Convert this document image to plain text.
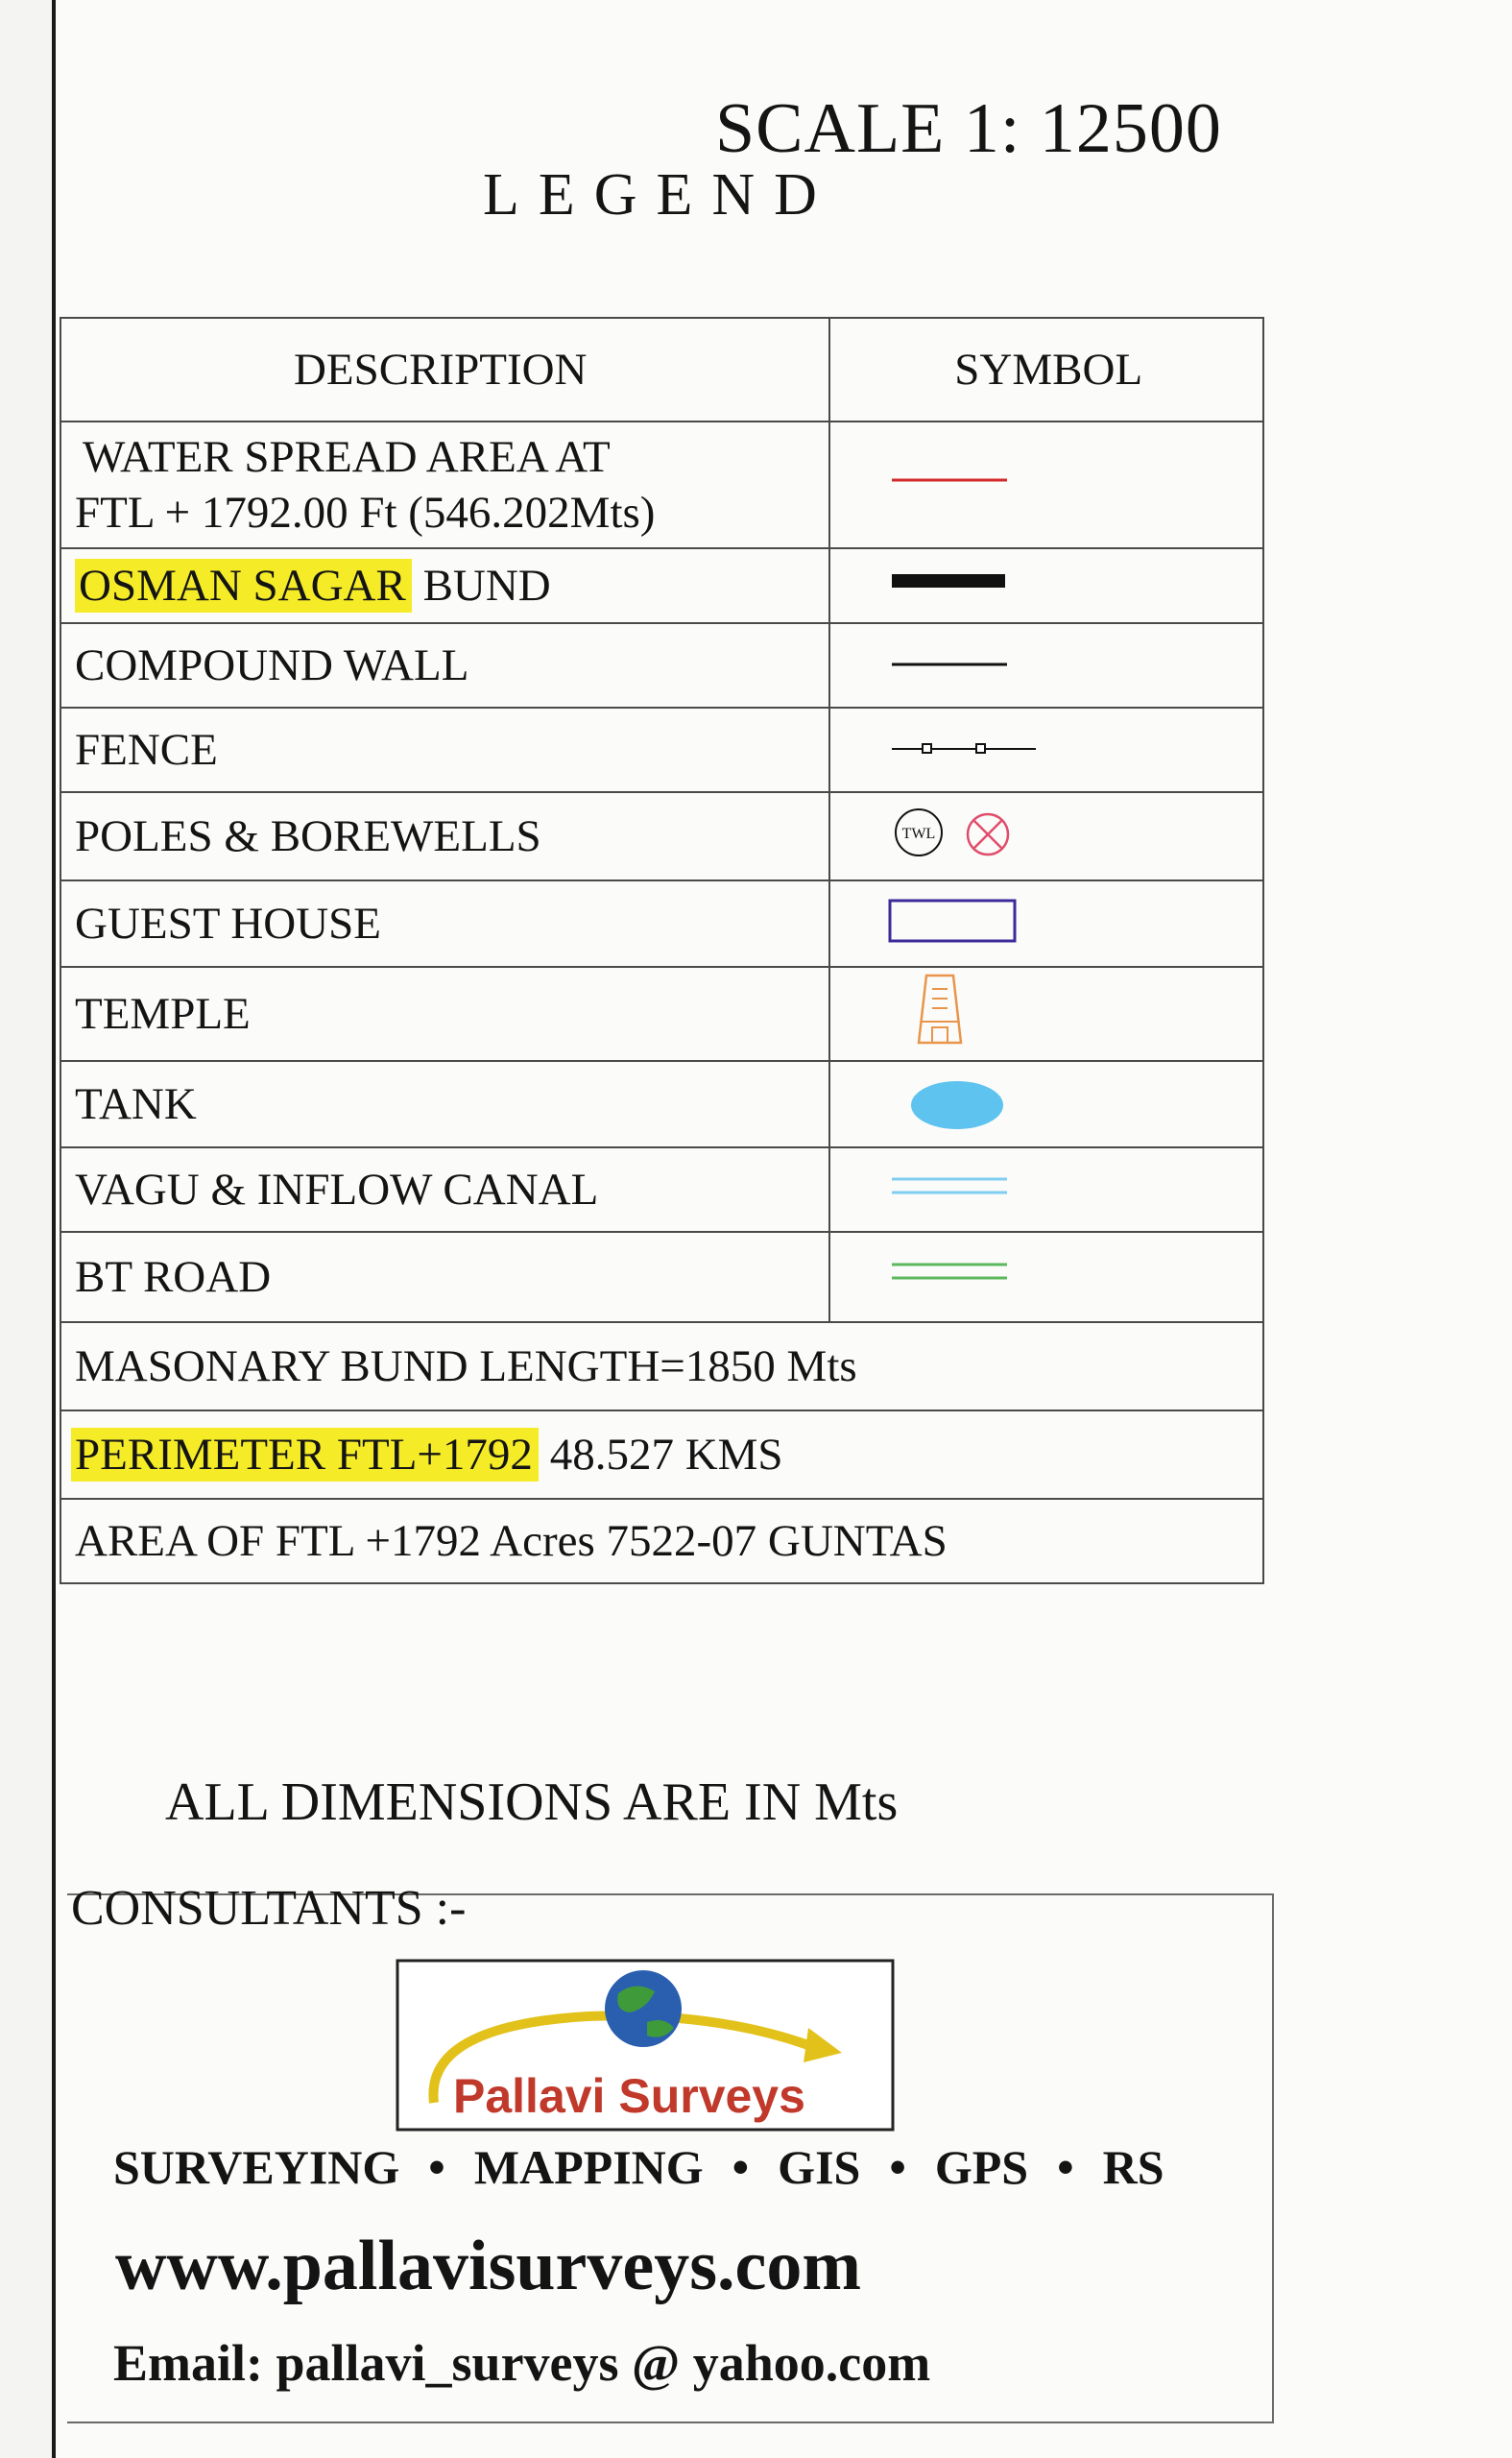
SCALE 1: 12500
LEGEND
DESCRIPTION	SYMBOL

WATER SPREAD AREA AT
FTL + 1792.00 Ft (546.202Mts)

OSMAN SAGAR BUND	
COMPOUND WALL	
FENCE	
POLES & BOREWELLS	TWL

GUEST HOUSE	
TEMPLE	
TANK	
VAGU & INFLOW CANAL	
BT ROAD	
MASONARY BUND LENGTH=1850 Mts	
PERIMETER FTL+1792 48.527 KMS	
AREA OF FTL +1792 Acres 7522-07 GUNTAS	
ALL DIMENSIONS ARE IN Mts
CONSULTANTS :-
Pallavi Surveys
SURVEYING • MAPPING • GIS • GPS • RS
www.pallavisurveys.com
Email: pallavi_surveys @ yahoo.com
